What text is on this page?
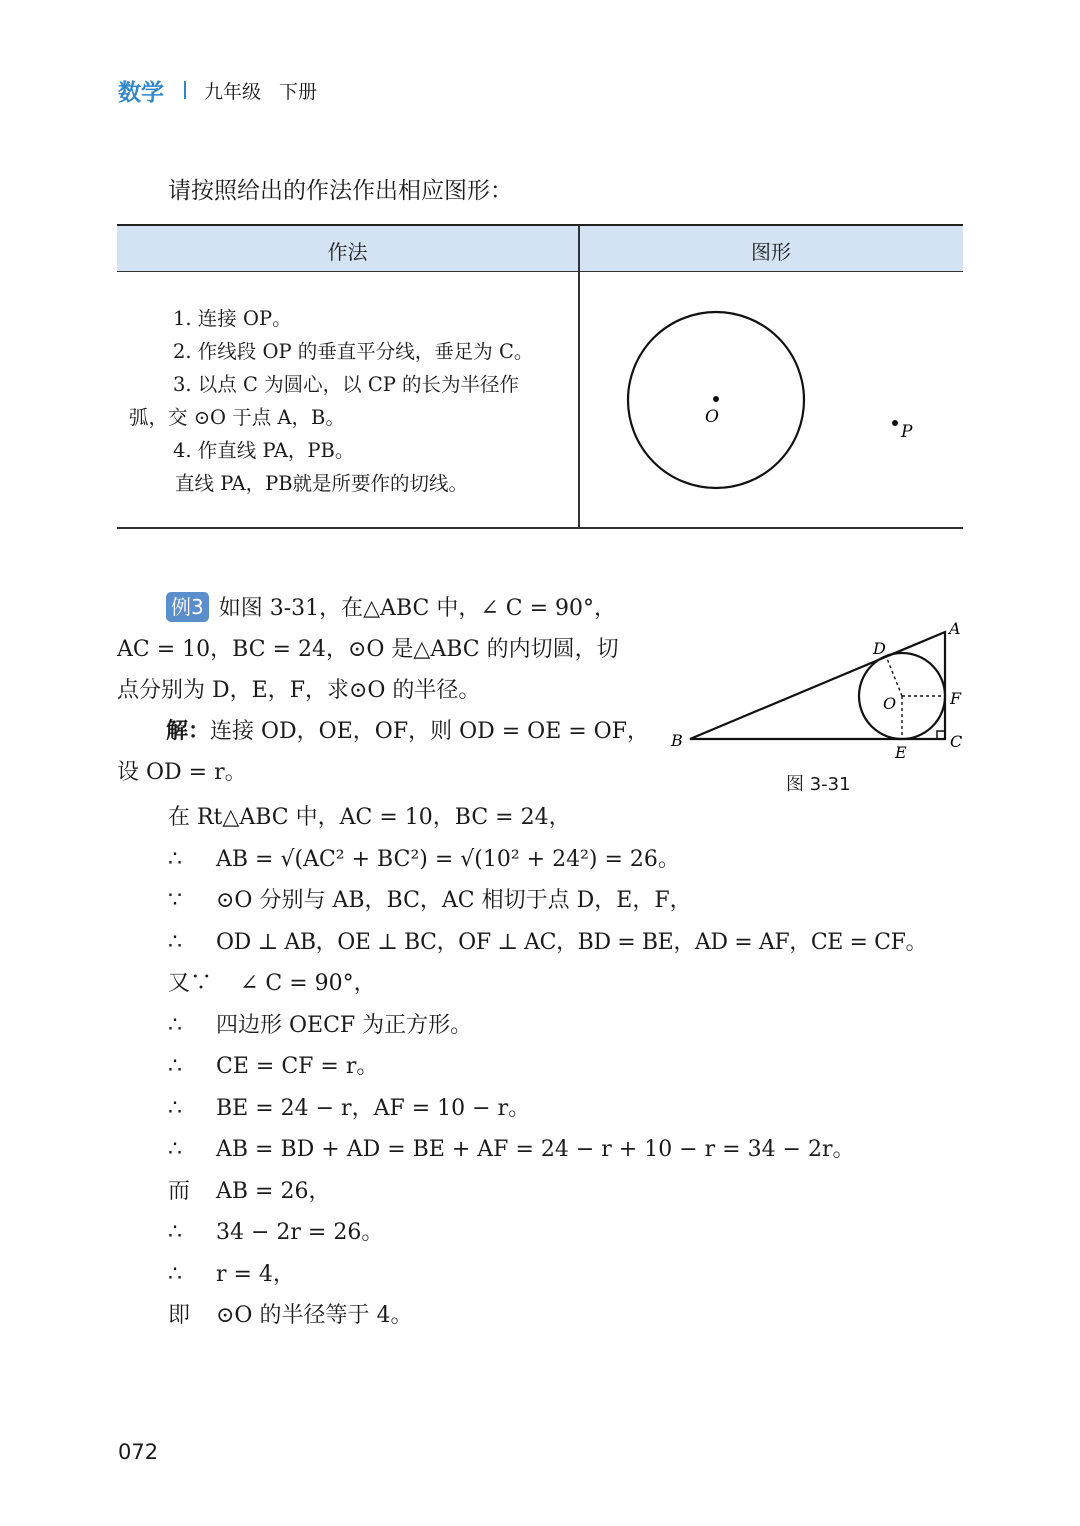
数学 九年级 下册
请按照给出的作法作出相应图形：
作法	图形
1. 连接 OP。
2. 作线段 OP 的垂直平分线，垂足为 C。
3. 以点 C 为圆心，以 CP 的长为半径作
弧，交 ⊙O 于点 A，B。
4. 作直线 PA，PB。
直线 PA，PB就是所要作的切线。
O
P
例3 如图 3-31，在△ABC 中，∠ C = 90°，
AC = 10，BC = 24，⊙O 是△ABC 的内切圆，切
点分别为 D，E，F，求⊙O 的半径。
解：连接 OD，OE，OF，则 OD = OE = OF，
设 OD = r。
A
B	C
D
E
F
O
图 3-31
在 Rt△ABC 中，AC = 10，BC = 24，
∴ AB = √(AC² + BC²) = √(10² + 24²) = 26。
∵ ⊙O 分别与 AB，BC，AC 相切于点 D，E，F，
∴ OD ⊥ AB，OE ⊥ BC，OF ⊥ AC，BD = BE，AD = AF，CE = CF。
又∵ ∠ C = 90°，
∴ 四边形 OECF 为正方形。
∴ CE = CF = r。
∴ BE = 24 − r，AF = 10 − r。
∴ AB = BD + AD = BE + AF = 24 − r + 10 − r = 34 − 2r。
而 AB = 26，
∴ 34 − 2r = 26。
∴ r = 4，
即 ⊙O 的半径等于 4。
072
